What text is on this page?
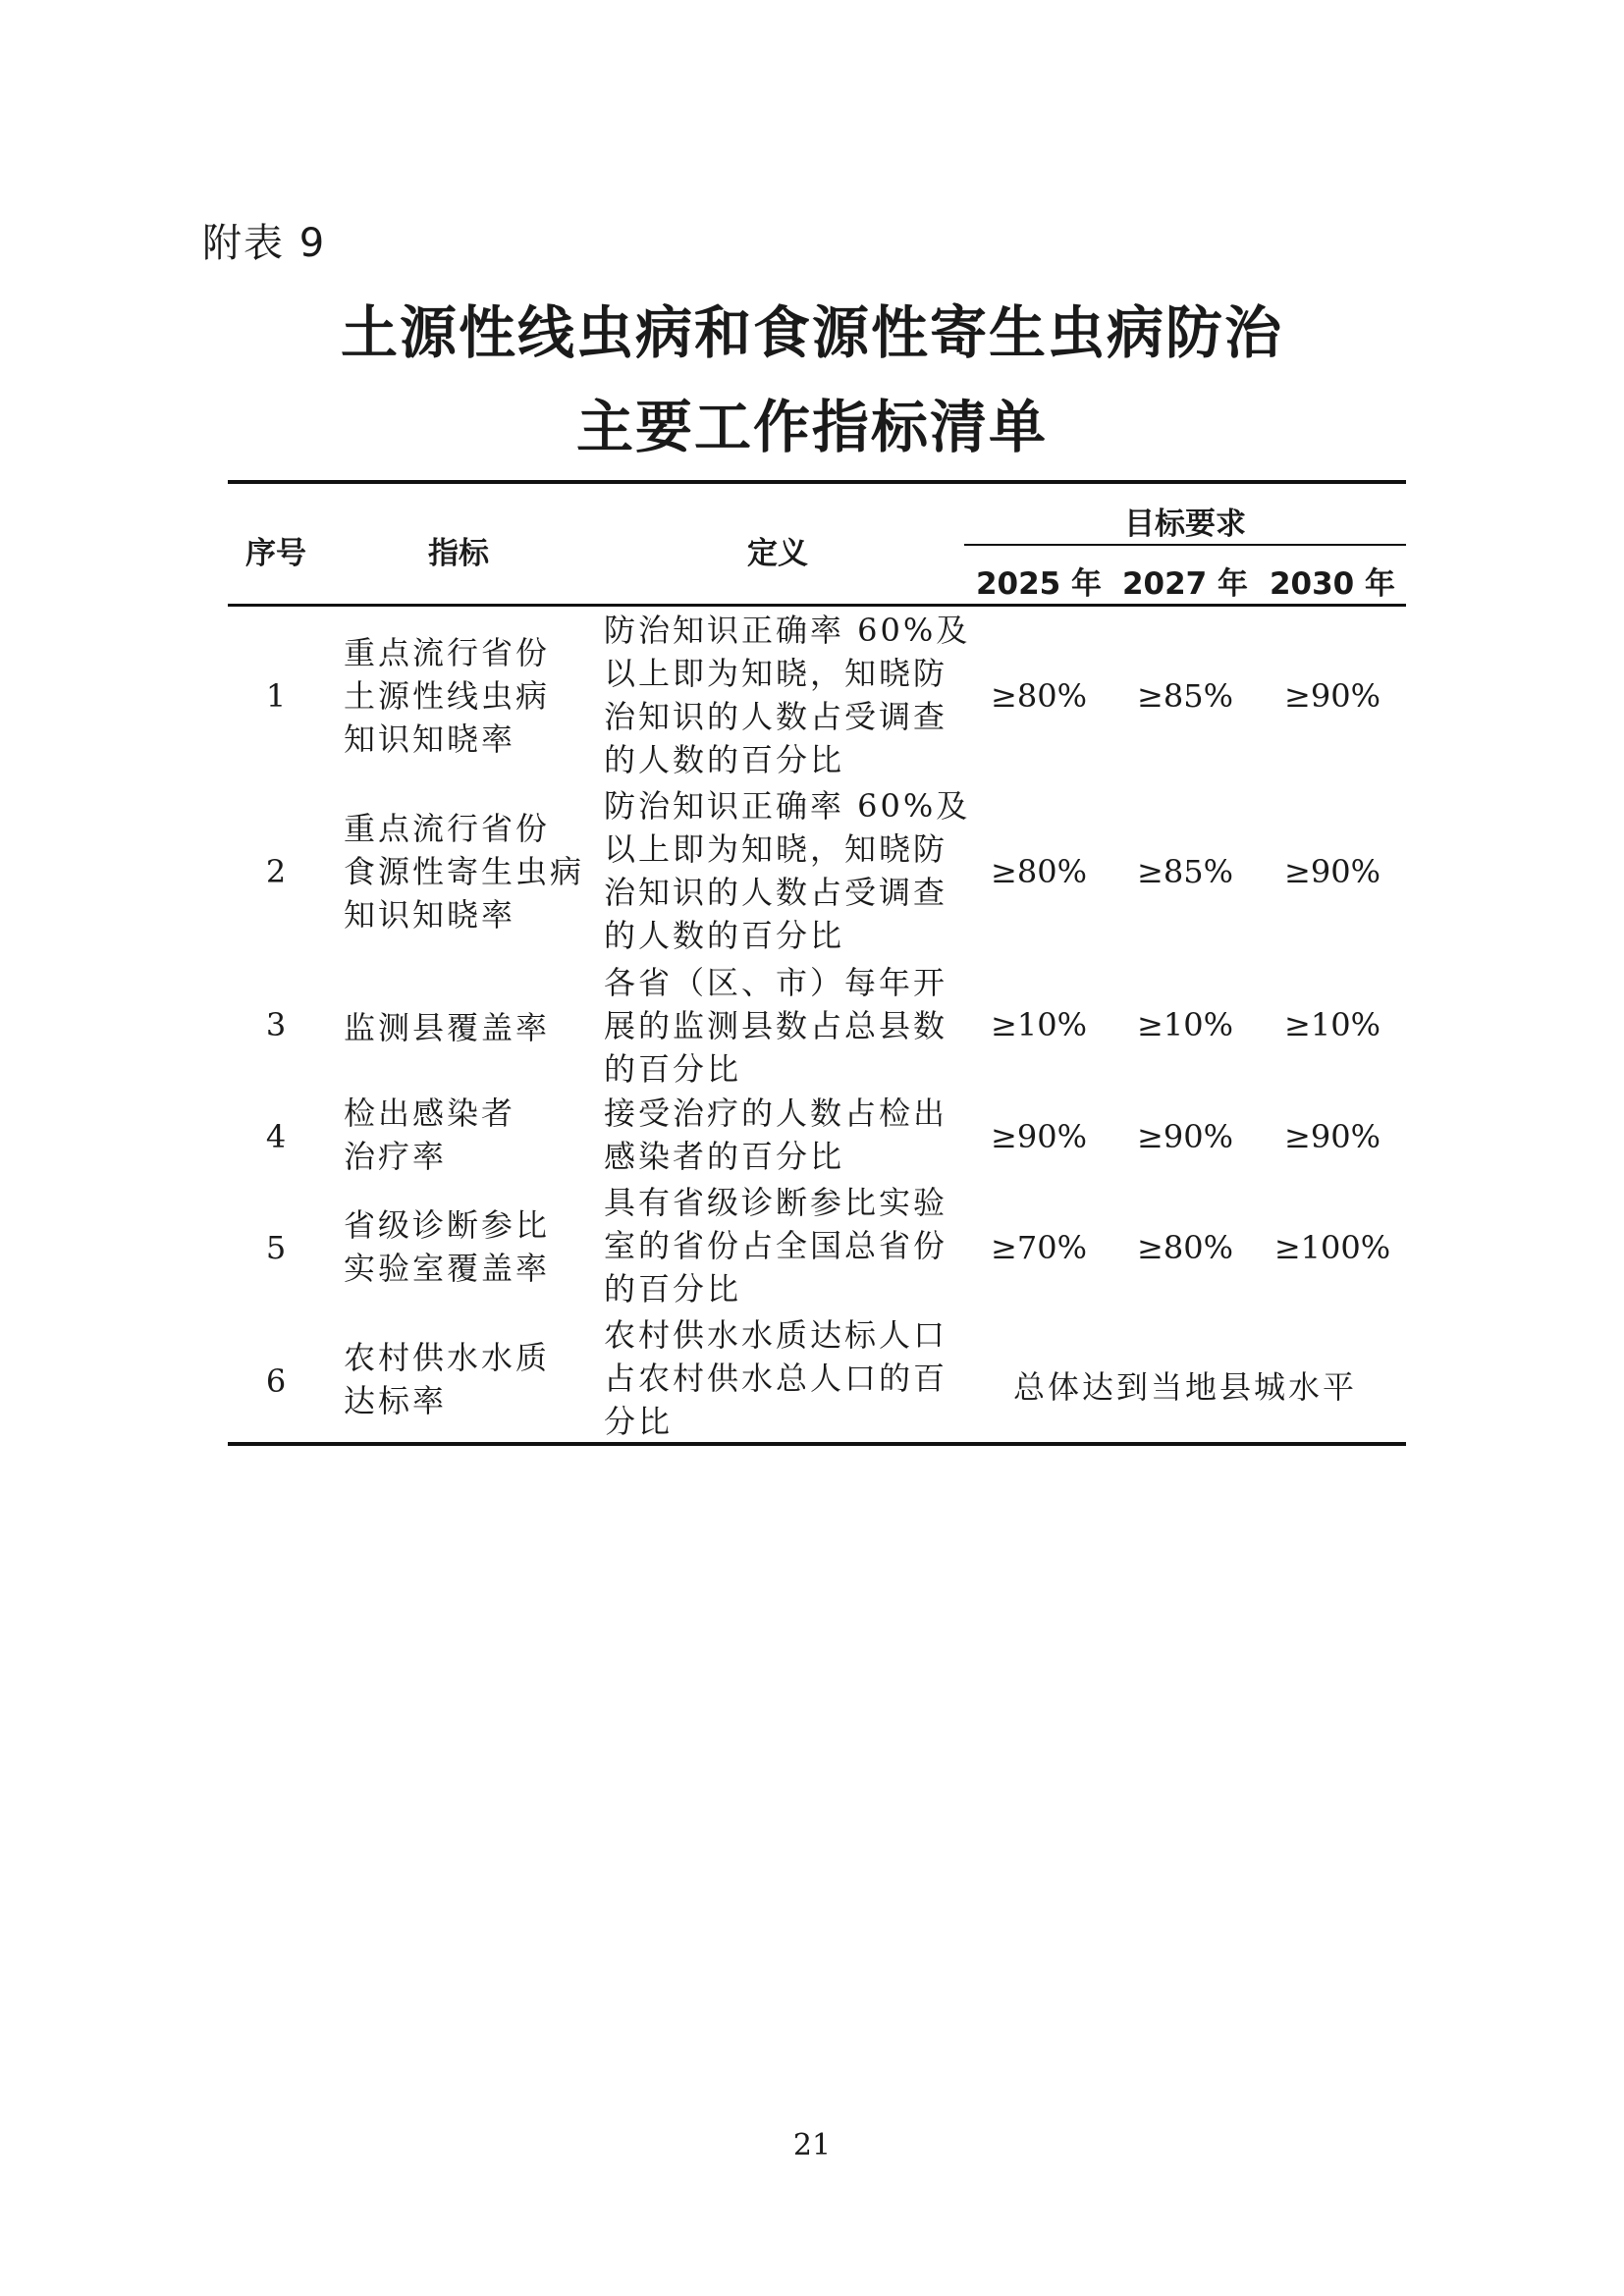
附表 9
土源性线虫病和食源性寄生虫病防治
主要工作指标清单
序号	指标	定义
目标要求
2025 年 2027 年 2030 年
1
重点流行省份
土源性线虫病
知识知晓率
防治知识正确率 60%及
以上即为知晓，知晓防
治知识的人数占受调查
的人数的百分比
≥80% ≥85% ≥90%
2
重点流行省份
食源性寄生虫病
知识知晓率
防治知识正确率 60%及
以上即为知晓，知晓防
治知识的人数占受调查
的人数的百分比
≥80% ≥85% ≥90%
3 监测县覆盖率
各省（区、市）每年开
展的监测县数占总县数
的百分比
≥10% ≥10% ≥10%
4
检出感染者
治疗率
接受治疗的人数占检出
感染者的百分比
≥90% ≥90% ≥90%
5
省级诊断参比
实验室覆盖率
具有省级诊断参比实验
室的省份占全国总省份
的百分比
≥70% ≥80% ≥100%
6
农村供水水质
达标率
农村供水水质达标人口
占农村供水总人口的百
分比
总体达到当地县城水平
21
